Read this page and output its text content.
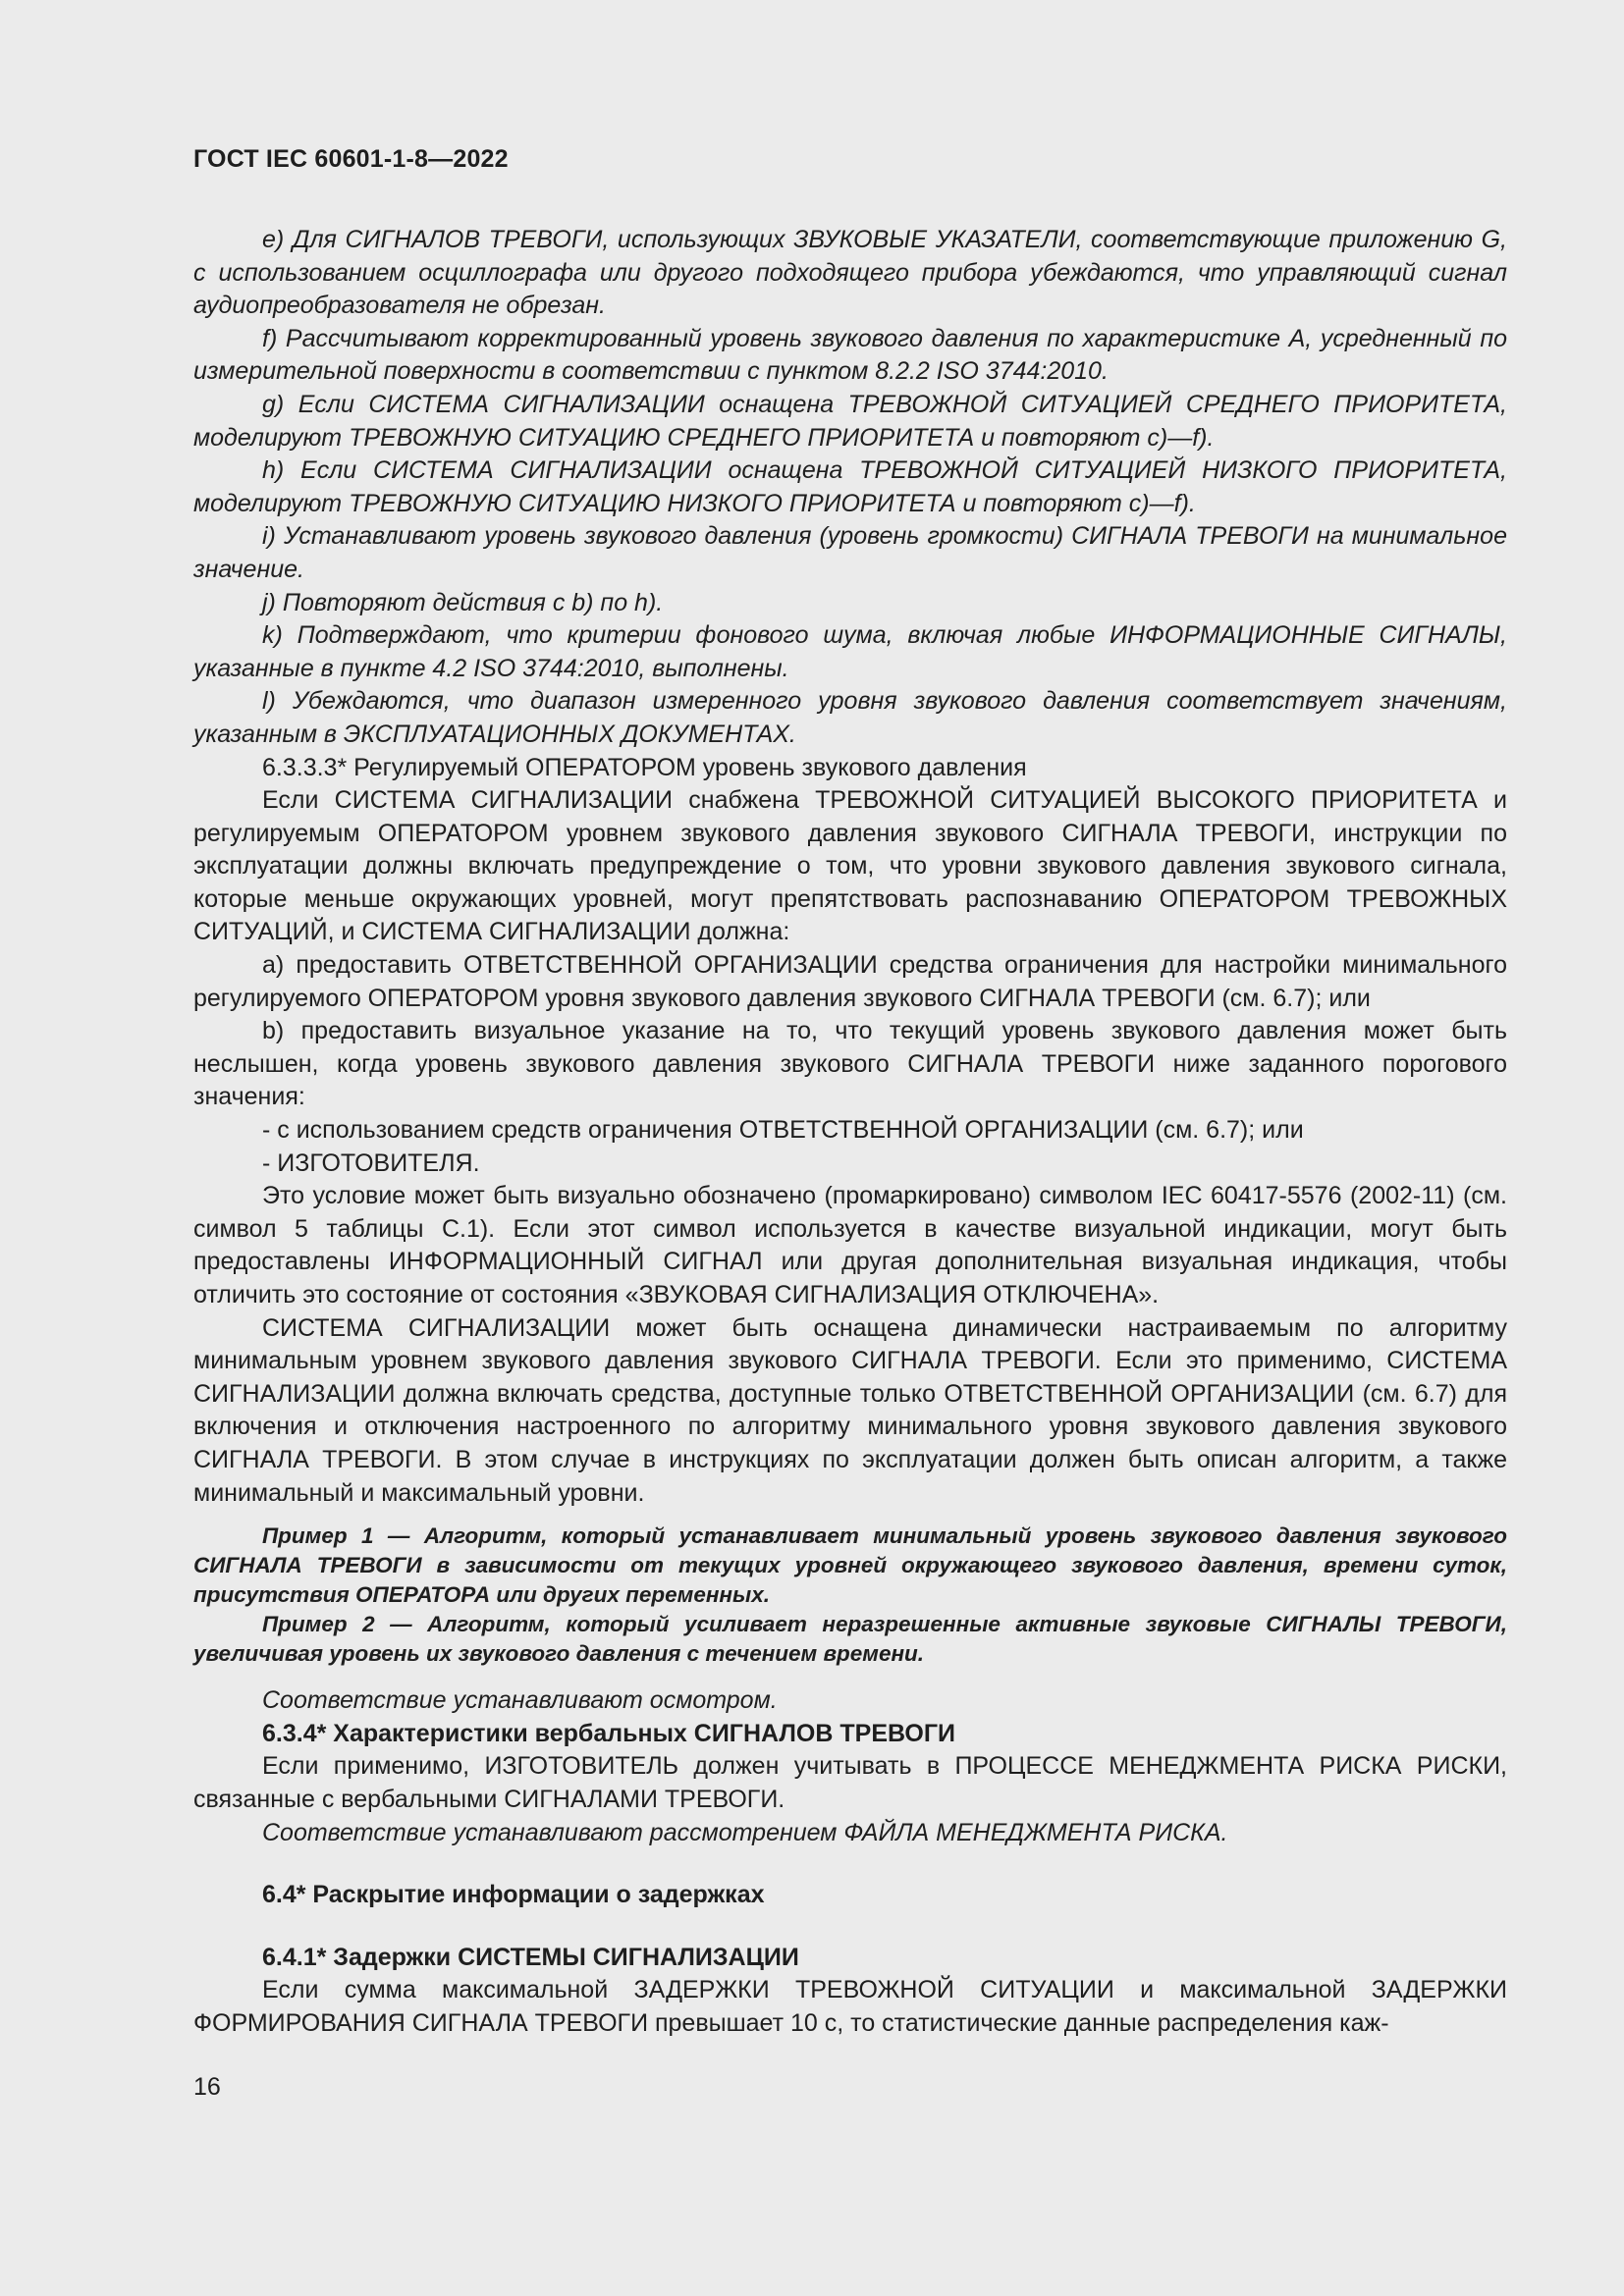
ГОСТ IEC 60601-1-8—2022

e) Для СИГНАЛОВ ТРЕВОГИ, использующих ЗВУКОВЫЕ УКАЗАТЕЛИ, соответствующие приложению G, с использованием осциллографа или другого подходящего прибора убеждаются, что управляющий сигнал аудиопреобразователя не обрезан.

f) Рассчитывают корректированный уровень звукового давления по характеристике A, усредненный по измерительной поверхности в соответствии с пунктом 8.2.2 ISO 3744:2010.

g) Если СИСТЕМА СИГНАЛИЗАЦИИ оснащена ТРЕВОЖНОЙ СИТУАЦИЕЙ СРЕДНЕГО ПРИОРИТЕТА, моделируют ТРЕВОЖНУЮ СИТУАЦИЮ СРЕДНЕГО ПРИОРИТЕТА и повторяют c)—f).

h) Если СИСТЕМА СИГНАЛИЗАЦИИ оснащена ТРЕВОЖНОЙ СИТУАЦИЕЙ НИЗКОГО ПРИОРИТЕТА, моделируют ТРЕВОЖНУЮ СИТУАЦИЮ НИЗКОГО ПРИОРИТЕТА и повторяют c)—f).

i) Устанавливают уровень звукового давления (уровень громкости) СИГНАЛА ТРЕВОГИ на минимальное значение.

j) Повторяют действия с b) по h).

k) Подтверждают, что критерии фонового шума, включая любые ИНФОРМАЦИОННЫЕ СИГНАЛЫ, указанные в пункте 4.2 ISO 3744:2010, выполнены.

l) Убеждаются, что диапазон измеренного уровня звукового давления соответствует значениям, указанным в ЭКСПЛУАТАЦИОННЫХ ДОКУМЕНТАХ.

6.3.3.3* Регулируемый ОПЕРАТОРОМ уровень звукового давления

Если СИСТЕМА СИГНАЛИЗАЦИИ снабжена ТРЕВОЖНОЙ СИТУАЦИЕЙ ВЫСОКОГО ПРИОРИТЕТА и регулируемым ОПЕРАТОРОМ уровнем звукового давления звукового СИГНАЛА ТРЕВОГИ, инструкции по эксплуатации должны включать предупреждение о том, что уровни звукового давления звукового сигнала, которые меньше окружающих уровней, могут препятствовать распознаванию ОПЕРАТОРОМ ТРЕВОЖНЫХ СИТУАЦИЙ, и СИСТЕМА СИГНАЛИЗАЦИИ должна:

a) предоставить ОТВЕТСТВЕННОЙ ОРГАНИЗАЦИИ средства ограничения для настройки минимального регулируемого ОПЕРАТОРОМ уровня звукового давления звукового СИГНАЛА ТРЕВОГИ (см. 6.7); или

b) предоставить визуальное указание на то, что текущий уровень звукового давления может быть неслышен, когда уровень звукового давления звукового СИГНАЛА ТРЕВОГИ ниже заданного порогового значения:

- с использованием средств ограничения ОТВЕТСТВЕННОЙ ОРГАНИЗАЦИИ (см. 6.7); или

- ИЗГОТОВИТЕЛЯ.

Это условие может быть визуально обозначено (промаркировано) символом IEC 60417-5576 (2002-11) (см. символ 5 таблицы С.1). Если этот символ используется в качестве визуальной индикации, могут быть предоставлены ИНФОРМАЦИОННЫЙ СИГНАЛ или другая дополнительная визуальная индикация, чтобы отличить это состояние от состояния «ЗВУКОВАЯ СИГНАЛИЗАЦИЯ ОТКЛЮЧЕНА».

СИСТЕМА СИГНАЛИЗАЦИИ может быть оснащена динамически настраиваемым по алгоритму минимальным уровнем звукового давления звукового СИГНАЛА ТРЕВОГИ. Если это применимо, СИСТЕМА СИГНАЛИЗАЦИИ должна включать средства, доступные только ОТВЕТСТВЕННОЙ ОРГАНИЗАЦИИ (см. 6.7) для включения и отключения настроенного по алгоритму минимального уровня звукового давления звукового СИГНАЛА ТРЕВОГИ. В этом случае в инструкциях по эксплуатации должен быть описан алгоритм, а также минимальный и максимальный уровни.

Пример 1 — Алгоритм, который устанавливает минимальный уровень звукового давления звукового СИГНАЛА ТРЕВОГИ в зависимости от текущих уровней окружающего звукового давления, времени суток, присутствия ОПЕРАТОРА или других переменных.

Пример 2 — Алгоритм, который усиливает неразрешенные активные звуковые СИГНАЛЫ ТРЕВОГИ, увеличивая уровень их звукового давления с течением времени.

Соответствие устанавливают осмотром.

6.3.4* Характеристики вербальных СИГНАЛОВ ТРЕВОГИ

Если применимо, ИЗГОТОВИТЕЛЬ должен учитывать в ПРОЦЕССЕ МЕНЕДЖМЕНТА РИСКА РИСКИ, связанные с вербальными СИГНАЛАМИ ТРЕВОГИ.

Соответствие устанавливают рассмотрением ФАЙЛА МЕНЕДЖМЕНТА РИСКА.

6.4* Раскрытие информации о задержках

6.4.1* Задержки СИСТЕМЫ СИГНАЛИЗАЦИИ

Если сумма максимальной ЗАДЕРЖКИ ТРЕВОЖНОЙ СИТУАЦИИ и максимальной ЗАДЕРЖКИ ФОРМИРОВАНИЯ СИГНАЛА ТРЕВОГИ превышает 10 с, то статистические данные распределения каж-

16
